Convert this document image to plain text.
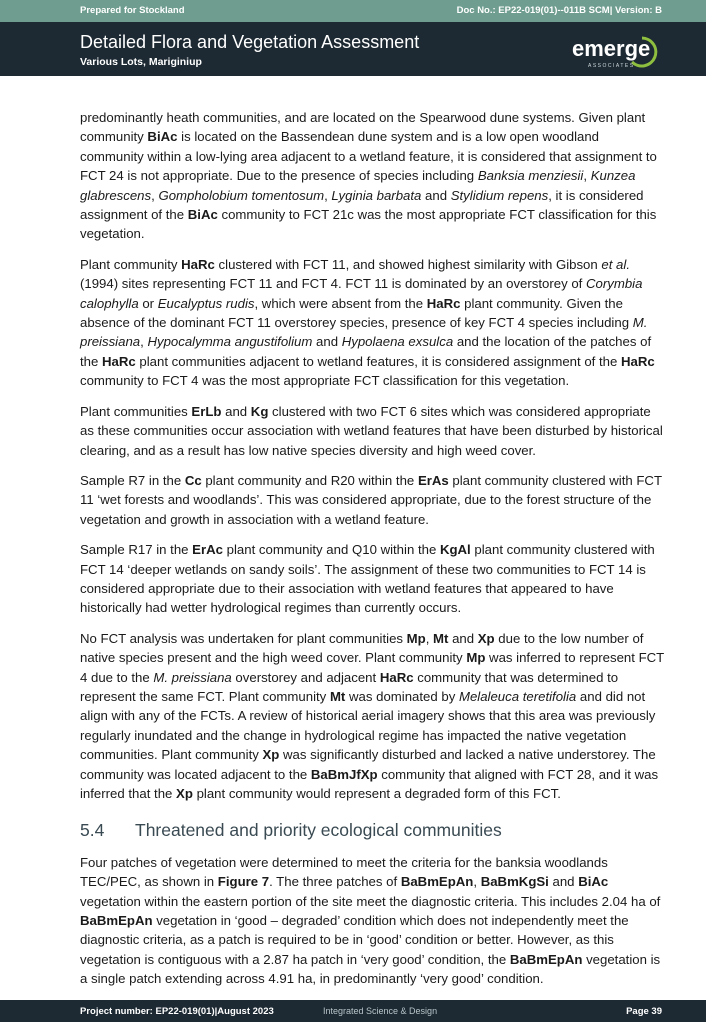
Prepared for Stockland	Doc No.: EP22-019(01)--011B SCM| Version: B
Detailed Flora and Vegetation Assessment
Various Lots, Mariginiup
emerge
ASSOCIATES

predominantly heath communities, and are located on the Spearwood dune systems. Given plant community BiAc is located on the Bassendean dune system and is a low open woodland community within a low-lying area adjacent to a wetland feature, it is considered that assignment to FCT 24 is not appropriate. Due to the presence of species including Banksia menziesii, Kunzea glabrescens, Gompholobium tomentosum, Lyginia barbata and Stylidium repens, it is considered assignment of the BiAc community to FCT 21c was the most appropriate FCT classification for this vegetation.

Plant community HaRc clustered with FCT 11, and showed highest similarity with Gibson et al. (1994) sites representing FCT 11 and FCT 4. FCT 11 is dominated by an overstorey of Corymbia calophylla or Eucalyptus rudis, which were absent from the HaRc plant community. Given the absence of the dominant FCT 11 overstorey species, presence of key FCT 4 species including M. preissiana, Hypocalymma angustifolium and Hypolaena exsulca and the location of the patches of the HaRc plant communities adjacent to wetland features, it is considered assignment of the HaRc community to FCT 4 was the most appropriate FCT classification for this vegetation.

Plant communities ErLb and Kg clustered with two FCT 6 sites which was considered appropriate as these communities occur association with wetland features that have been disturbed by historical clearing, and as a result has low native species diversity and high weed cover.

Sample R7 in the Cc plant community and R20 within the ErAs plant community clustered with FCT 11 ‘wet forests and woodlands’. This was considered appropriate, due to the forest structure of the vegetation and growth in association with a wetland feature.

Sample R17 in the ErAc plant community and Q10 within the KgAl plant community clustered with FCT 14 ‘deeper wetlands on sandy soils’. The assignment of these two communities to FCT 14 is considered appropriate due to their association with wetland features that appeared to have historically had wetter hydrological regimes than currently occurs.

No FCT analysis was undertaken for plant communities Mp, Mt and Xp due to the low number of native species present and the high weed cover. Plant community Mp was inferred to represent FCT 4 due to the M. preissiana overstorey and adjacent HaRc community that was determined to represent the same FCT. Plant community Mt was dominated by Melaleuca teretifolia and did not align with any of the FCTs. A review of historical aerial imagery shows that this area was previously regularly inundated and the change in hydrological regime has impacted the native vegetation communities. Plant community Xp was significantly disturbed and lacked a native understorey. The community was located adjacent to the BaBmJfXp community that aligned with FCT 28, and it was inferred that the Xp plant community would represent a degraded form of this FCT.

5.4	Threatened and priority ecological communities

Four patches of vegetation were determined to meet the criteria for the banksia woodlands TEC/PEC, as shown in Figure 7. The three patches of BaBmEpAn, BaBmKgSi and BiAc vegetation within the eastern portion of the site meet the diagnostic criteria. This includes 2.04 ha of BaBmEpAn vegetation in ‘good – degraded’ condition which does not independently meet the diagnostic criteria, as a patch is required to be in ‘good’ condition or better. However, as this vegetation is contiguous with a 2.87 ha patch in ‘very good’ condition, the BaBmEpAn vegetation is a single patch extending across 4.91 ha, in predominantly ‘very good’ condition.

Project number: EP22-019(01)|August 2023	Integrated Science & Design	Page 39
